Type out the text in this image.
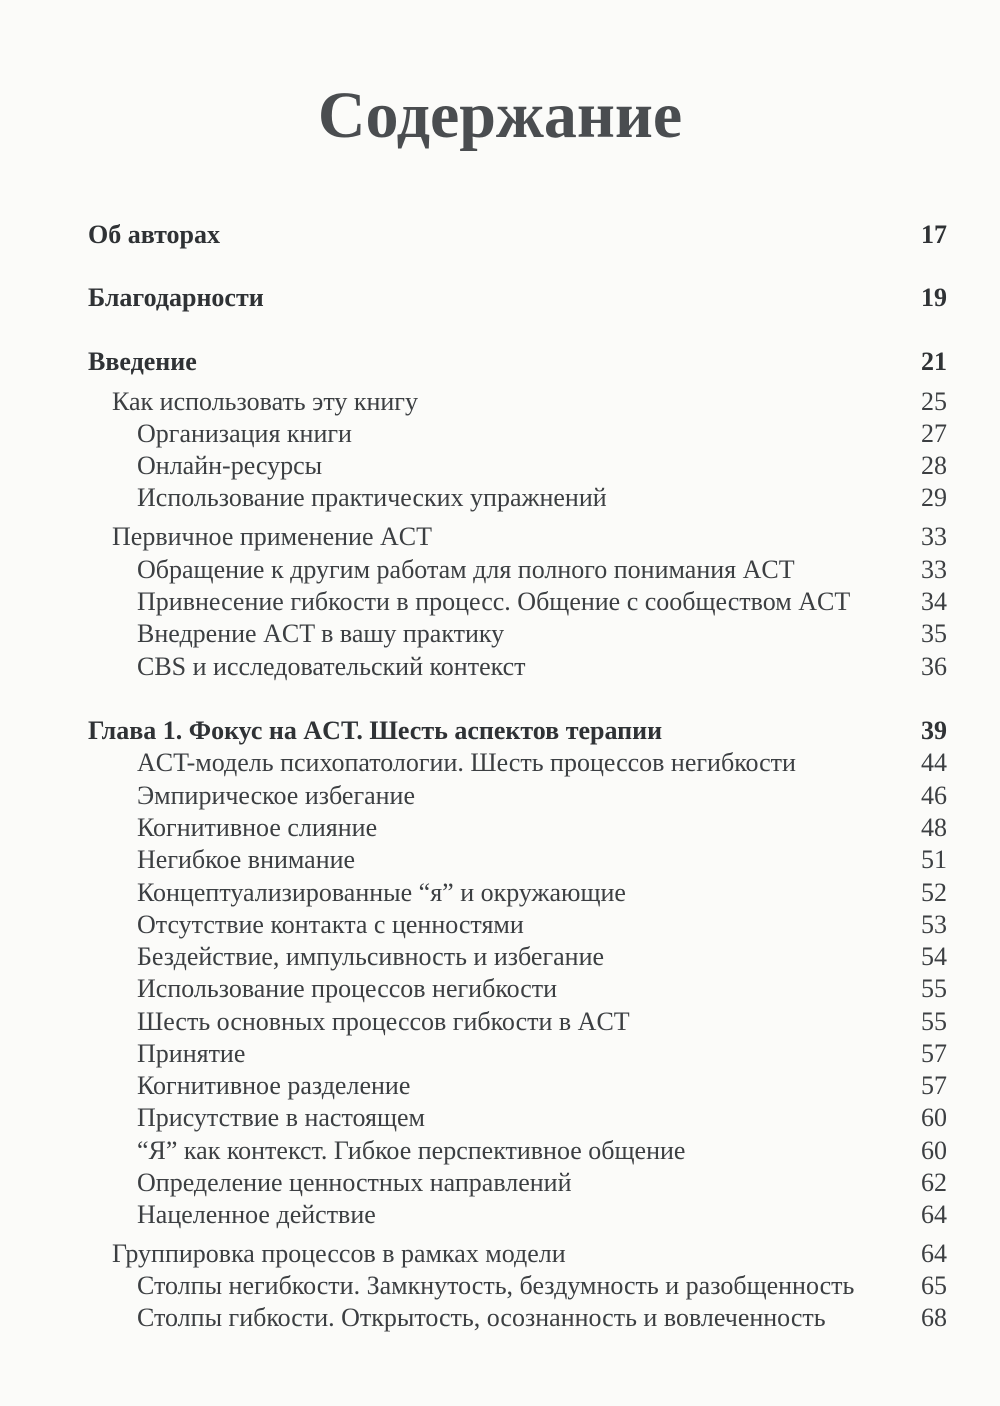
Содержание
Об авторах	17
Благодарности	19
Введение	21
Как использовать эту книгу	25
Организация книги	27
Онлайн-ресурсы	28
Использование практических упражнений	29
Первичное применение ACT	33
Обращение к другим работам для полного понимания ACT	33
Привнесение гибкости в процесс. Общение с сообществом ACT	34
Внедрение ACT в вашу практику	35
CBS и исследовательский контекст	36
Глава 1. Фокус на ACT. Шесть аспектов терапии	39
ACT-модель психопатологии. Шесть процессов негибкости	44
Эмпирическое избегание	46
Когнитивное слияние	48
Негибкое внимание	51
Концептуализированные “я” и окружающие	52
Отсутствие контакта с ценностями	53
Бездействие, импульсивность и избегание	54
Использование процессов негибкости	55
Шесть основных процессов гибкости в ACT	55
Принятие	57
Когнитивное разделение	57
Присутствие в настоящем	60
“Я” как контекст. Гибкое перспективное общение	60
Определение ценностных направлений	62
Нацеленное действие	64
Группировка процессов в рамках модели	64
Столпы негибкости. Замкнутость, бездумность и разобщенность	65
Столпы гибкости. Открытость, осознанность и вовлеченность	68
